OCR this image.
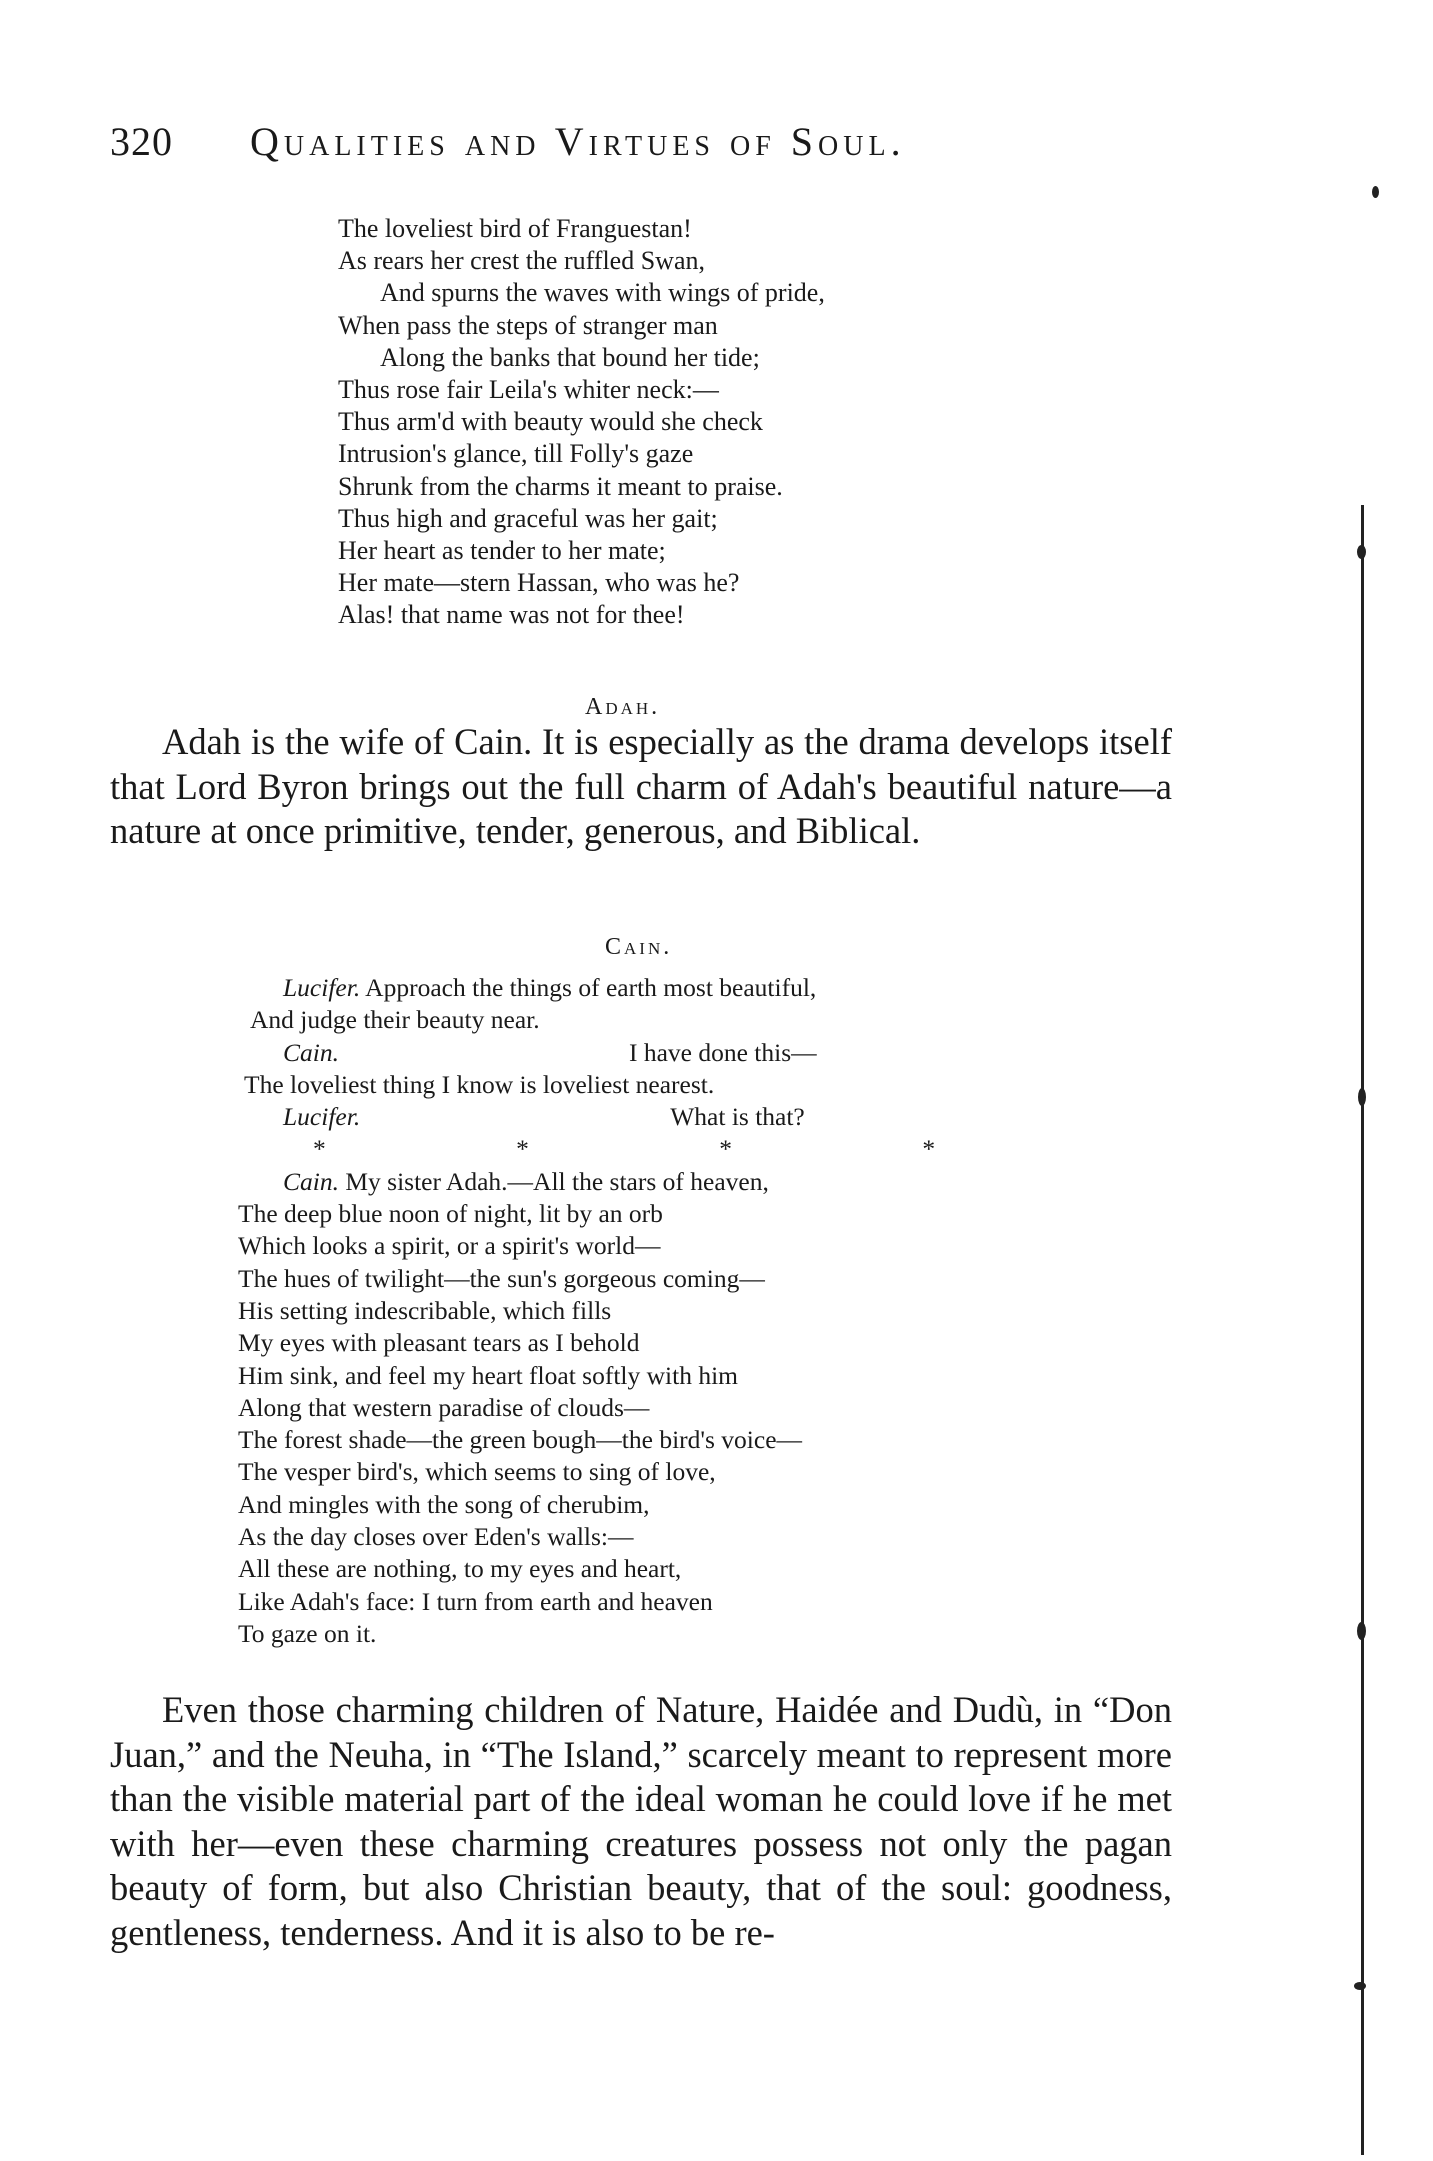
320 Qualities and Virtues of Soul.
The loveliest bird of Franguestan!
As rears her crest the ruffled Swan,
And spurns the waves with wings of pride,
When pass the steps of stranger man
Along the banks that bound her tide;
Thus rose fair Leila's whiter neck:—
Thus arm'd with beauty would she check
Intrusion's glance, till Folly's gaze
Shrunk from the charms it meant to praise.
Thus high and graceful was her gait;
Her heart as tender to her mate;
Her mate—stern Hassan, who was he?
Alas! that name was not for thee!
Adah.

Adah is the wife of Cain. It is especially as the drama develops itself that Lord Byron brings out the full charm of Adah's beautiful nature—a nature at once primitive, tender, generous, and Biblical.

Cain.
Lucifer. Approach the things of earth most beautiful,
And judge their beauty near.
Cain.	I have done this—
The loveliest thing I know is loveliest nearest.
Lucifer.	What is that?
* * * *
Cain. My sister Adah.—All the stars of heaven,
The deep blue noon of night, lit by an orb
Which looks a spirit, or a spirit's world—
The hues of twilight—the sun's gorgeous coming—
His setting indescribable, which fills
My eyes with pleasant tears as I behold
Him sink, and feel my heart float softly with him
Along that western paradise of clouds—
The forest shade—the green bough—the bird's voice—
The vesper bird's, which seems to sing of love,
And mingles with the song of cherubim,
As the day closes over Eden's walls:—
All these are nothing, to my eyes and heart,
Like Adah's face: I turn from earth and heaven
To gaze on it.

Even those charming children of Nature, Haidée and Dudù, in “Don Juan,” and the Neuha, in “The Island,” scarcely meant to represent more than the visible material part of the ideal woman he could love if he met with her—even these charming creatures possess not only the pagan beauty of form, but also Christian beauty, that of the soul: goodness, gentleness, tenderness. And it is also to be re-
